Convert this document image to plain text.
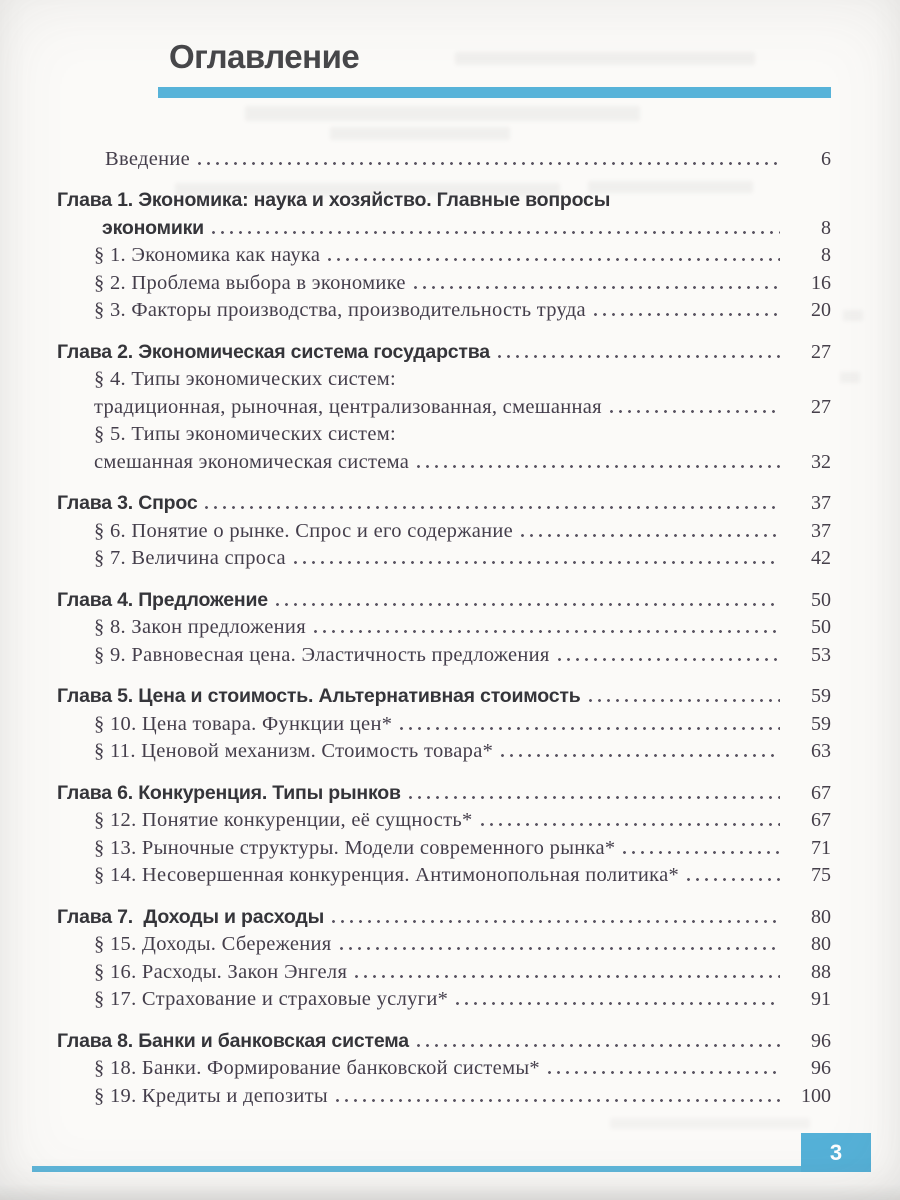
Оглавление
Введение	6
Глава 1. Экономика: наука и хозяйство. Главные вопросы
экономики	8
§ 1. Экономика как наука	8
§ 2. Проблема выбора в экономике	16
§ 3. Факторы производства, производительность труда	20
Глава 2. Экономическая система государства	27
§ 4. Типы экономических систем:
традиционная, рыночная, централизованная, смешанная	27
§ 5. Типы экономических систем:
смешанная экономическая система	32
Глава 3. Спрос	37
§ 6. Понятие о рынке. Спрос и его содержание	37
§ 7. Величина спроса	42
Глава 4. Предложение	50
§ 8. Закон предложения	50
§ 9. Равновесная цена. Эластичность предложения	53
Глава 5. Цена и стоимость. Альтернативная стоимость	59
§ 10. Цена товара. Функции цен*	59
§ 11. Ценовой механизм. Стоимость товара*	63
Глава 6. Конкуренция. Типы рынков	67
§ 12. Понятие конкуренции, её сущность*	67
§ 13. Рыночные структуры. Модели современного рынка*	71
§ 14. Несовершенная конкуренция. Антимонопольная политика*	75
Глава 7.  Доходы и расходы	80
§ 15. Доходы. Сбережения	80
§ 16. Расходы. Закон Энгеля	88
§ 17. Страхование и страховые услуги*	91
Глава 8. Банки и банковская система	96
§ 18. Банки. Формирование банковской системы*	96
§ 19. Кредиты и депозиты	100
3
